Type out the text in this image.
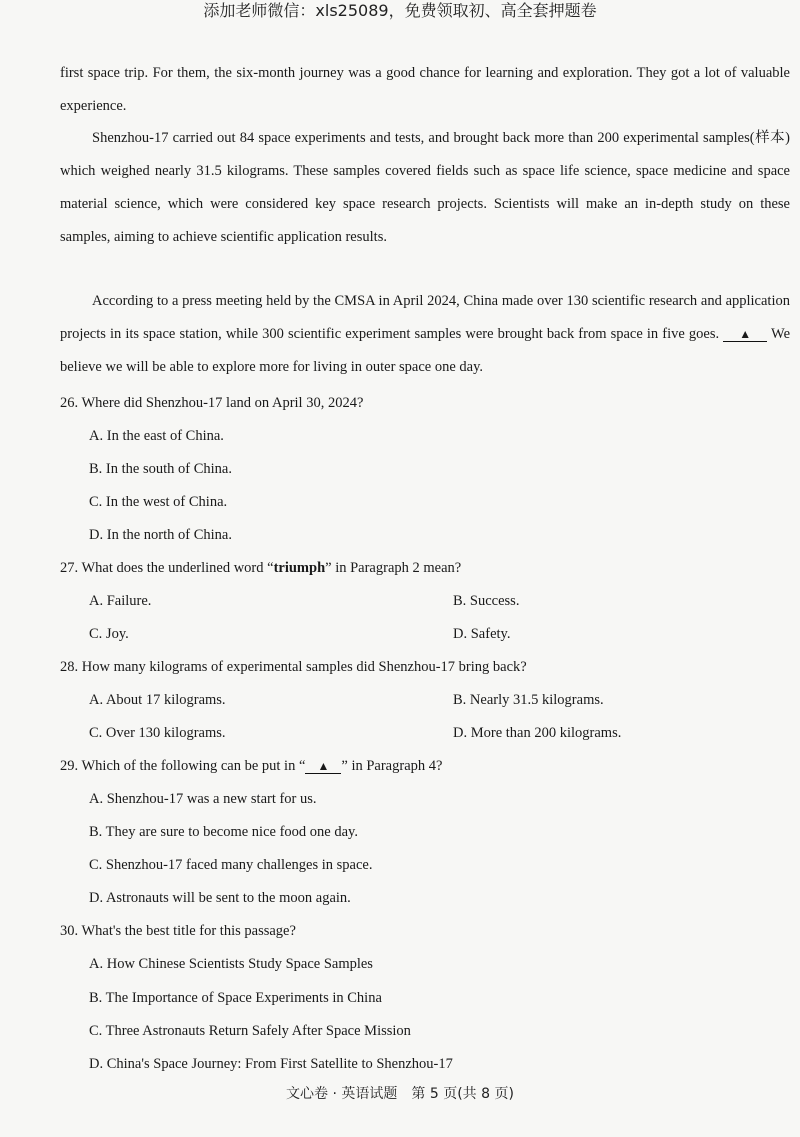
添加老师微信：xls25089，免费领取初、高全套押题卷
first space trip. For them, the six-month journey was a good chance for learning and exploration. They got a lot of valuable experience.
Shenzhou-17 carried out 84 space experiments and tests, and brought back more than 200 experimental samples(样本) which weighed nearly 31.5 kilograms. These samples covered fields such as space life science, space medicine and space material science, which were considered key space research projects. Scientists will make an in-depth study on these samples, aiming to achieve scientific application results.
According to a press meeting held by the CMSA in April 2024, China made over 130 scientific research and application projects in its space station, while 300 scientific experiment samples were brought back from space in five goes. ▲ We believe we will be able to explore more for living in outer space one day.
26. Where did Shenzhou-17 land on April 30, 2024?
A. In the east of China.
B. In the south of China.
C. In the west of China.
D. In the north of China.
27. What does the underlined word “triumph” in Paragraph 2 mean?
A. Failure.	B. Success.
C. Joy.	D. Safety.
28. How many kilograms of experimental samples did Shenzhou-17 bring back?
A. About 17 kilograms.	B. Nearly 31.5 kilograms.
C. Over 130 kilograms.	D. More than 200 kilograms.
29. Which of the following can be put in “ ▲ ” in Paragraph 4?
A. Shenzhou-17 was a new start for us.
B. They are sure to become nice food one day.
C. Shenzhou-17 faced many challenges in space.
D. Astronauts will be sent to the moon again.
30. What's the best title for this passage?
A. How Chinese Scientists Study Space Samples
B. The Importance of Space Experiments in China
C. Three Astronauts Return Safely After Space Mission
D. China's Space Journey: From First Satellite to Shenzhou-17
文心卷 · 英语试题　第 5 页(共 8 页)
